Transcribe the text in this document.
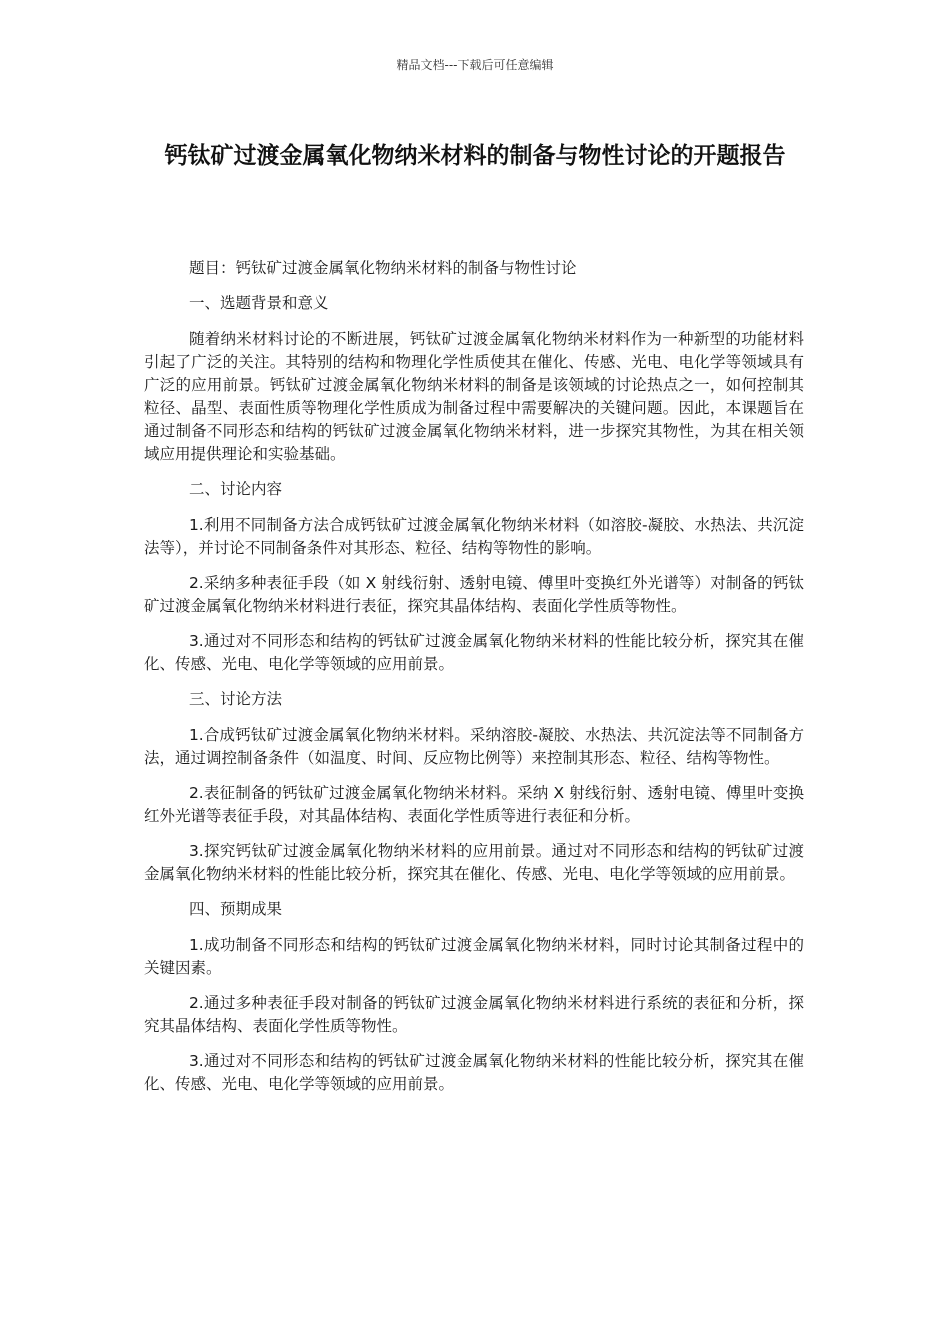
精品文档---下载后可任意编辑
钙钛矿过渡金属氧化物纳米材料的制备与物性讨论的开题报告

题目：钙钛矿过渡金属氧化物纳米材料的制备与物性讨论

一、选题背景和意义

随着纳米材料讨论的不断进展，钙钛矿过渡金属氧化物纳米材料作为一种新型的功能材料引起了广泛的关注。其特别的结构和物理化学性质使其在催化、传感、光电、电化学等领域具有广泛的应用前景。钙钛矿过渡金属氧化物纳米材料的制备是该领域的讨论热点之一，如何控制其粒径、晶型、表面性质等物理化学性质成为制备过程中需要解决的关键问题。因此，本课题旨在通过制备不同形态和结构的钙钛矿过渡金属氧化物纳米材料，进一步探究其物性，为其在相关领域应用提供理论和实验基础。

二、讨论内容

1.利用不同制备方法合成钙钛矿过渡金属氧化物纳米材料（如溶胶-凝胶、水热法、共沉淀法等），并讨论不同制备条件对其形态、粒径、结构等物性的影响。

2.采纳多种表征手段（如 X 射线衍射、透射电镜、傅里叶变换红外光谱等）对制备的钙钛矿过渡金属氧化物纳米材料进行表征，探究其晶体结构、表面化学性质等物性。

3.通过对不同形态和结构的钙钛矿过渡金属氧化物纳米材料的性能比较分析，探究其在催化、传感、光电、电化学等领域的应用前景。

三、讨论方法

1.合成钙钛矿过渡金属氧化物纳米材料。采纳溶胶-凝胶、水热法、共沉淀法等不同制备方法，通过调控制备条件（如温度、时间、反应物比例等）来控制其形态、粒径、结构等物性。

2.表征制备的钙钛矿过渡金属氧化物纳米材料。采纳 X 射线衍射、透射电镜、傅里叶变换红外光谱等表征手段，对其晶体结构、表面化学性质等进行表征和分析。

3.探究钙钛矿过渡金属氧化物纳米材料的应用前景。通过对不同形态和结构的钙钛矿过渡金属氧化物纳米材料的性能比较分析，探究其在催化、传感、光电、电化学等领域的应用前景。

四、预期成果

1.成功制备不同形态和结构的钙钛矿过渡金属氧化物纳米材料，同时讨论其制备过程中的关键因素。

2.通过多种表征手段对制备的钙钛矿过渡金属氧化物纳米材料进行系统的表征和分析，探究其晶体结构、表面化学性质等物性。

3.通过对不同形态和结构的钙钛矿过渡金属氧化物纳米材料的性能比较分析，探究其在催化、传感、光电、电化学等领域的应用前景。
